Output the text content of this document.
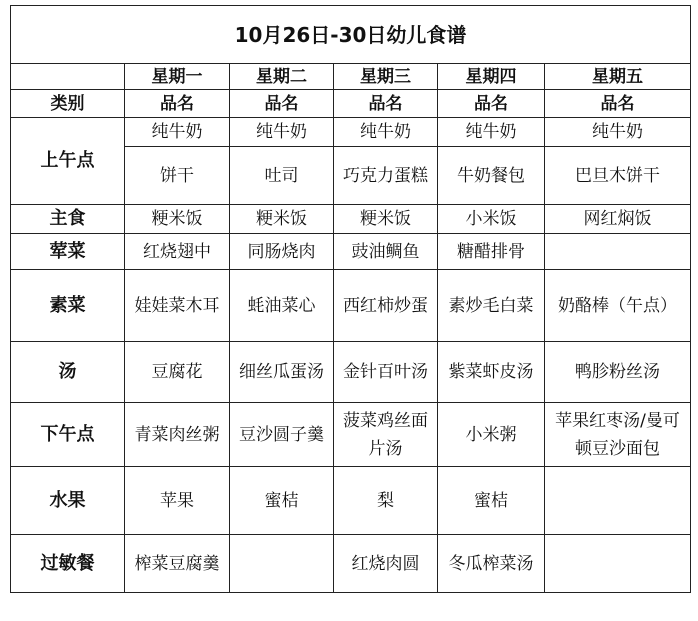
10月26日-30日幼儿食谱					
	星期一	星期二	星期三	星期四	星期五
类别	品名	品名	品名	品名	品名
上午点	纯牛奶	纯牛奶	纯牛奶	纯牛奶	纯牛奶
	饼干	吐司	巧克力蛋糕	牛奶餐包	巴旦木饼干
主食	粳米饭	粳米饭	粳米饭	小米饭	网红焖饭
荤菜	红烧翅中	同肠烧肉	豉油鲷鱼	糖醋排骨	
素菜	娃娃菜木耳	蚝油菜心	西红柿炒蛋	素炒毛白菜	奶酪棒（午点）
汤	豆腐花	细丝瓜蛋汤	金针百叶汤	紫菜虾皮汤	鸭胗粉丝汤
下午点	青菜肉丝粥	豆沙圆子羹	菠菜鸡丝面片汤	小米粥	苹果红枣汤/曼可顿豆沙面包
水果	苹果	蜜桔	梨	蜜桔	
过敏餐	榨菜豆腐羹		红烧肉圆	冬瓜榨菜汤	
